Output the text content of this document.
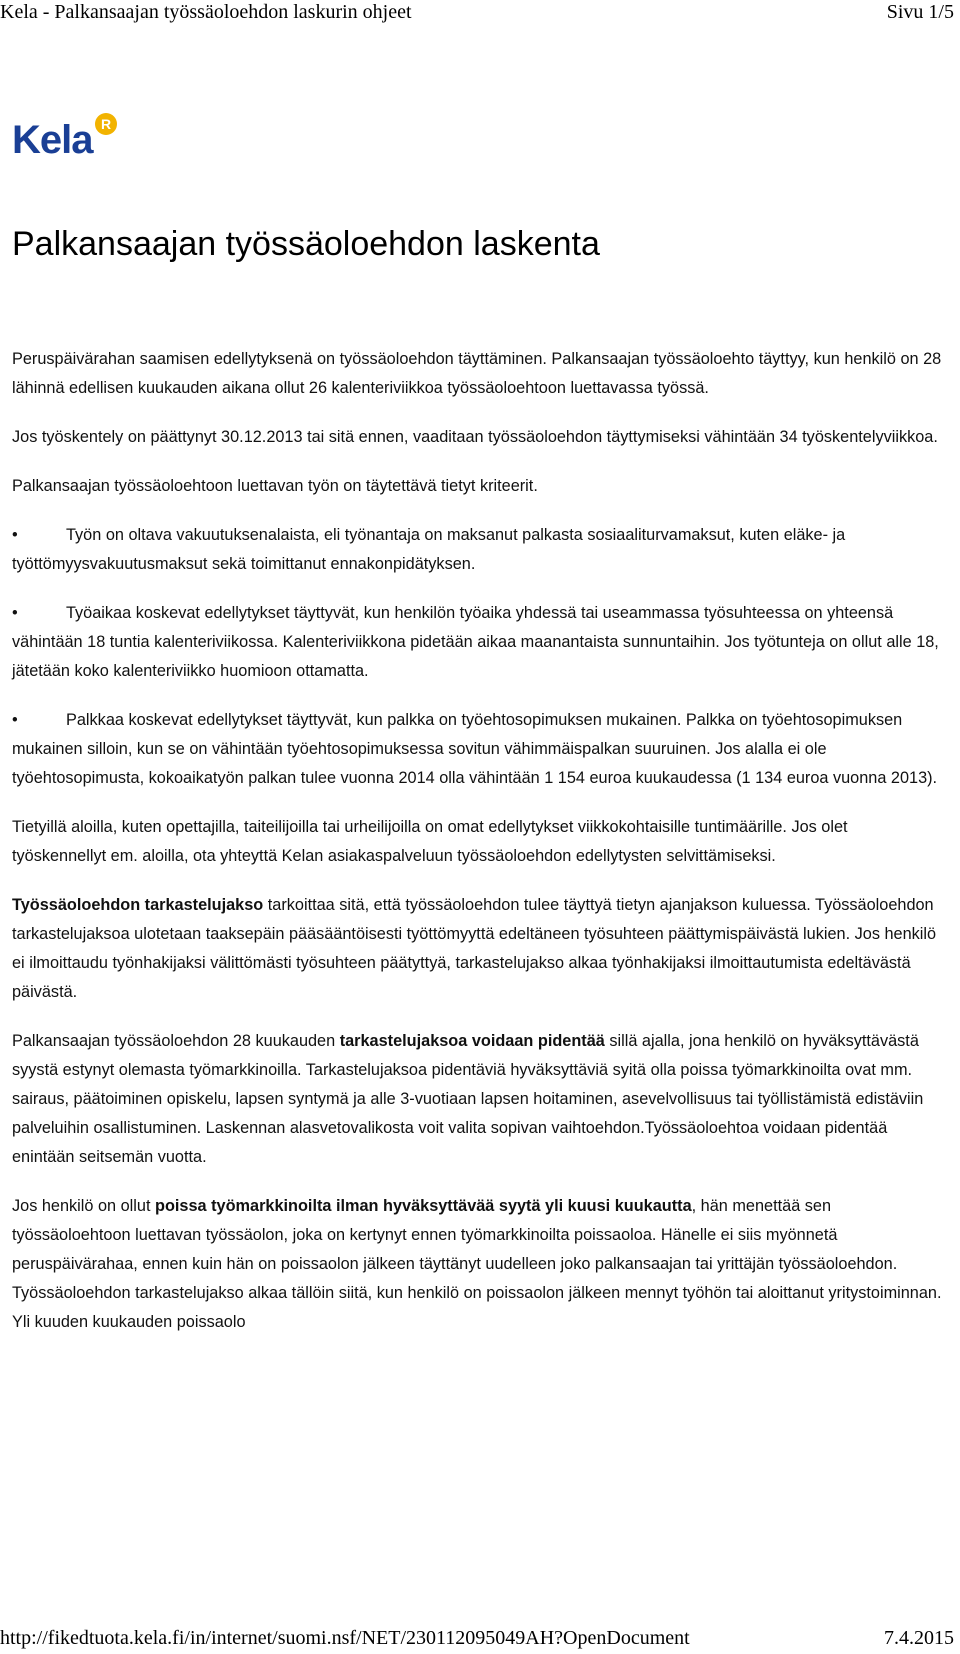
Kela - Palkansaajan työssäoloehdon laskurin ohjeet	Sivu 1/5
Kela R
Palkansaajan työssäoloehdon laskenta

Peruspäivärahan saamisen edellytyksenä on työssäoloehdon täyttäminen. Palkansaajan työssäoloehto täyttyy, kun henkilö on 28 lähinnä edellisen kuukauden aikana ollut 26 kalenteriviikkoa työssäoloehtoon luettavassa työssä.

Jos työskentely on päättynyt 30.12.2013 tai sitä ennen, vaaditaan työssäoloehdon täyttymiseksi vähintään 34 työskentelyviikkoa.

Palkansaajan työssäoloehtoon luettavan työn on täytettävä tietyt kriteerit.

•	Työn on oltava vakuutuksenalaista, eli työnantaja on maksanut palkasta sosiaaliturvamaksut, kuten eläke- ja työttömyysvakuutusmaksut sekä toimittanut ennakonpidätyksen.
•	Työaikaa koskevat edellytykset täyttyvät, kun henkilön työaika yhdessä tai useammassa työsuhteessa on yhteensä vähintään 18 tuntia kalenteriviikossa. Kalenteriviikkona pidetään aikaa maanantaista sunnuntaihin. Jos työtunteja on ollut alle 18, jätetään koko kalenteriviikko huomioon ottamatta.
•	Palkkaa koskevat edellytykset täyttyvät, kun palkka on työehtosopimuksen mukainen. Palkka on työehtosopimuksen mukainen silloin, kun se on vähintään työehtosopimuksessa sovitun vähimmäispalkan suuruinen. Jos alalla ei ole työehtosopimusta, kokoaikatyön palkan tulee vuonna 2014 olla vähintään 1 154 euroa kuukaudessa (1 134 euroa vuonna 2013).

Tietyillä aloilla, kuten opettajilla, taiteilijoilla tai urheilijoilla on omat edellytykset viikkokohtaisille tuntimäärille. Jos olet työskennellyt em. aloilla, ota yhteyttä Kelan asiakaspalveluun työssäoloehdon edellytysten selvittämiseksi.

Työssäoloehdon tarkastelujakso tarkoittaa sitä, että työssäoloehdon tulee täyttyä tietyn ajanjakson kuluessa. Työssäoloehdon tarkastelujaksoa ulotetaan taaksepäin pääsääntöisesti työttömyyttä edeltäneen työsuhteen päättymispäivästä lukien. Jos henkilö ei ilmoittaudu työnhakijaksi välittömästi työsuhteen päätyttyä, tarkastelujakso alkaa työnhakijaksi ilmoittautumista edeltävästä päivästä.

Palkansaajan työssäoloehdon 28 kuukauden tarkastelujaksoa voidaan pidentää sillä ajalla, jona henkilö on hyväksyttävästä syystä estynyt olemasta työmarkkinoilla. Tarkastelujaksoa pidentäviä hyväksyttäviä syitä olla poissa työmarkkinoilta ovat mm. sairaus, päätoiminen opiskelu, lapsen syntymä ja alle 3-vuotiaan lapsen hoitaminen, asevelvollisuus tai työllistämistä edistäviin palveluihin osallistuminen. Laskennan alasvetovalikosta voit valita sopivan vaihtoehdon.Työssäoloehtoa voidaan pidentää enintään seitsemän vuotta.

Jos henkilö on ollut poissa työmarkkinoilta ilman hyväksyttävää syytä yli kuusi kuukautta, hän menettää sen työssäoloehtoon luettavan työssäolon, joka on kertynyt ennen työmarkkinoilta poissaoloa. Hänelle ei siis myönnetä peruspäivärahaa, ennen kuin hän on poissaolon jälkeen täyttänyt uudelleen joko palkansaajan tai yrittäjän työssäoloehdon. Työssäoloehdon tarkastelujakso alkaa tällöin siitä, kun henkilö on poissaolon jälkeen mennyt työhön tai aloittanut yritystoiminnan. Yli kuuden kuukauden poissaolo

http://fikedtuota.kela.fi/in/internet/suomi.nsf/NET/230112095049AH?OpenDocument	7.4.2015
